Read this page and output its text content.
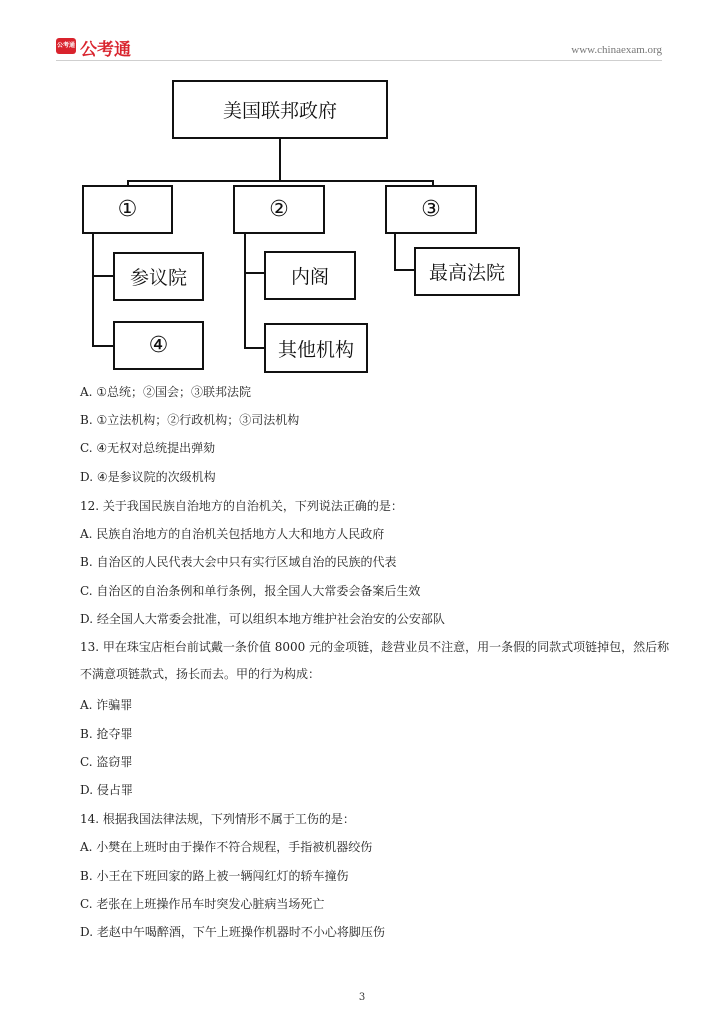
公考通 公考通	www.chinaexam.org
美国联邦政府
①	②	③
参议院
④
内阁
其他机构
最高法院
A. ①总统；②国会；③联邦法院
B. ①立法机构；②行政机构；③司法机构
C. ④无权对总统提出弹劾
D. ④是参议院的次级机构
12. 关于我国民族自治地方的自治机关，下列说法正确的是：
A. 民族自治地方的自治机关包括地方人大和地方人民政府
B. 自治区的人民代表大会中只有实行区域自治的民族的代表
C. 自治区的自治条例和单行条例，报全国人大常委会备案后生效
D. 经全国人大常委会批准，可以组织本地方维护社会治安的公安部队
13. 甲在珠宝店柜台前试戴一条价值 8000 元的金项链，趁营业员不注意，用一条假的同款式项链掉包，然后称不满意项链款式，扬长而去。甲的行为构成：
A. 诈骗罪
B. 抢夺罪
C. 盗窃罪
D. 侵占罪
14. 根据我国法律法规，下列情形不属于工伤的是：
A. 小樊在上班时由于操作不符合规程，手指被机器绞伤
B. 小王在下班回家的路上被一辆闯红灯的轿车撞伤
C. 老张在上班操作吊车时突发心脏病当场死亡
D. 老赵中午喝醉酒，下午上班操作机器时不小心将脚压伤
3
